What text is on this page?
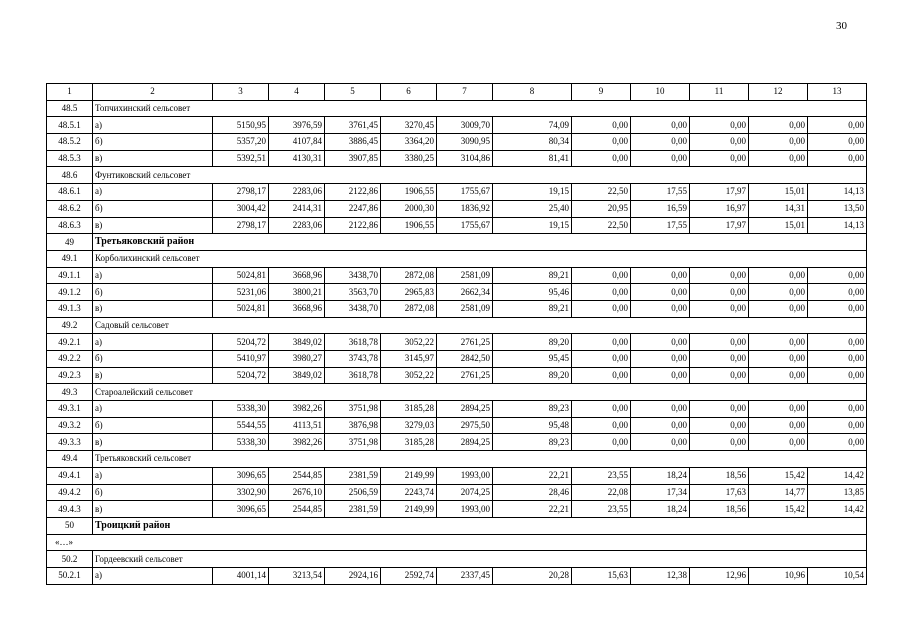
30
1	2	3	4	5	6	7	8	9	10	11	12	13
48.5	Топчихинский сельсовет											
48.5.1	а)	5150,95	3976,59	3761,45	3270,45	3009,70	74,09	0,00	0,00	0,00	0,00	0,00
48.5.2	б)	5357,20	4107,84	3886,45	3364,20	3090,95	80,34	0,00	0,00	0,00	0,00	0,00
48.5.3	в)	5392,51	4130,31	3907,85	3380,25	3104,86	81,41	0,00	0,00	0,00	0,00	0,00
48.6	Фунтиковский сельсовет											
48.6.1	а)	2798,17	2283,06	2122,86	1906,55	1755,67	19,15	22,50	17,55	17,97	15,01	14,13
48.6.2	б)	3004,42	2414,31	2247,86	2000,30	1836,92	25,40	20,95	16,59	16,97	14,31	13,50
48.6.3	в)	2798,17	2283,06	2122,86	1906,55	1755,67	19,15	22,50	17,55	17,97	15,01	14,13
49	Третьяковский район											
49.1	Корболихинский сельсовет											
49.1.1	а)	5024,81	3668,96	3438,70	2872,08	2581,09	89,21	0,00	0,00	0,00	0,00	0,00
49.1.2	б)	5231,06	3800,21	3563,70	2965,83	2662,34	95,46	0,00	0,00	0,00	0,00	0,00
49.1.3	в)	5024,81	3668,96	3438,70	2872,08	2581,09	89,21	0,00	0,00	0,00	0,00	0,00
49.2	Садовый сельсовет											
49.2.1	а)	5204,72	3849,02	3618,78	3052,22	2761,25	89,20	0,00	0,00	0,00	0,00	0,00
49.2.2	б)	5410,97	3980,27	3743,78	3145,97	2842,50	95,45	0,00	0,00	0,00	0,00	0,00
49.2.3	в)	5204,72	3849,02	3618,78	3052,22	2761,25	89,20	0,00	0,00	0,00	0,00	0,00
49.3	Староалейский сельсовет											
49.3.1	а)	5338,30	3982,26	3751,98	3185,28	2894,25	89,23	0,00	0,00	0,00	0,00	0,00
49.3.2	б)	5544,55	4113,51	3876,98	3279,03	2975,50	95,48	0,00	0,00	0,00	0,00	0,00
49.3.3	в)	5338,30	3982,26	3751,98	3185,28	2894,25	89,23	0,00	0,00	0,00	0,00	0,00
49.4	Третьяковский сельсовет											
49.4.1	а)	3096,65	2544,85	2381,59	2149,99	1993,00	22,21	23,55	18,24	18,56	15,42	14,42
49.4.2	б)	3302,90	2676,10	2506,59	2243,74	2074,25	28,46	22,08	17,34	17,63	14,77	13,85
49.4.3	в)	3096,65	2544,85	2381,59	2149,99	1993,00	22,21	23,55	18,24	18,56	15,42	14,42
50	Троицкий район											
«…»												
50.2	Гордеевский сельсовет											
50.2.1	а)	4001,14	3213,54	2924,16	2592,74	2337,45	20,28	15,63	12,38	12,96	10,96	10,54
